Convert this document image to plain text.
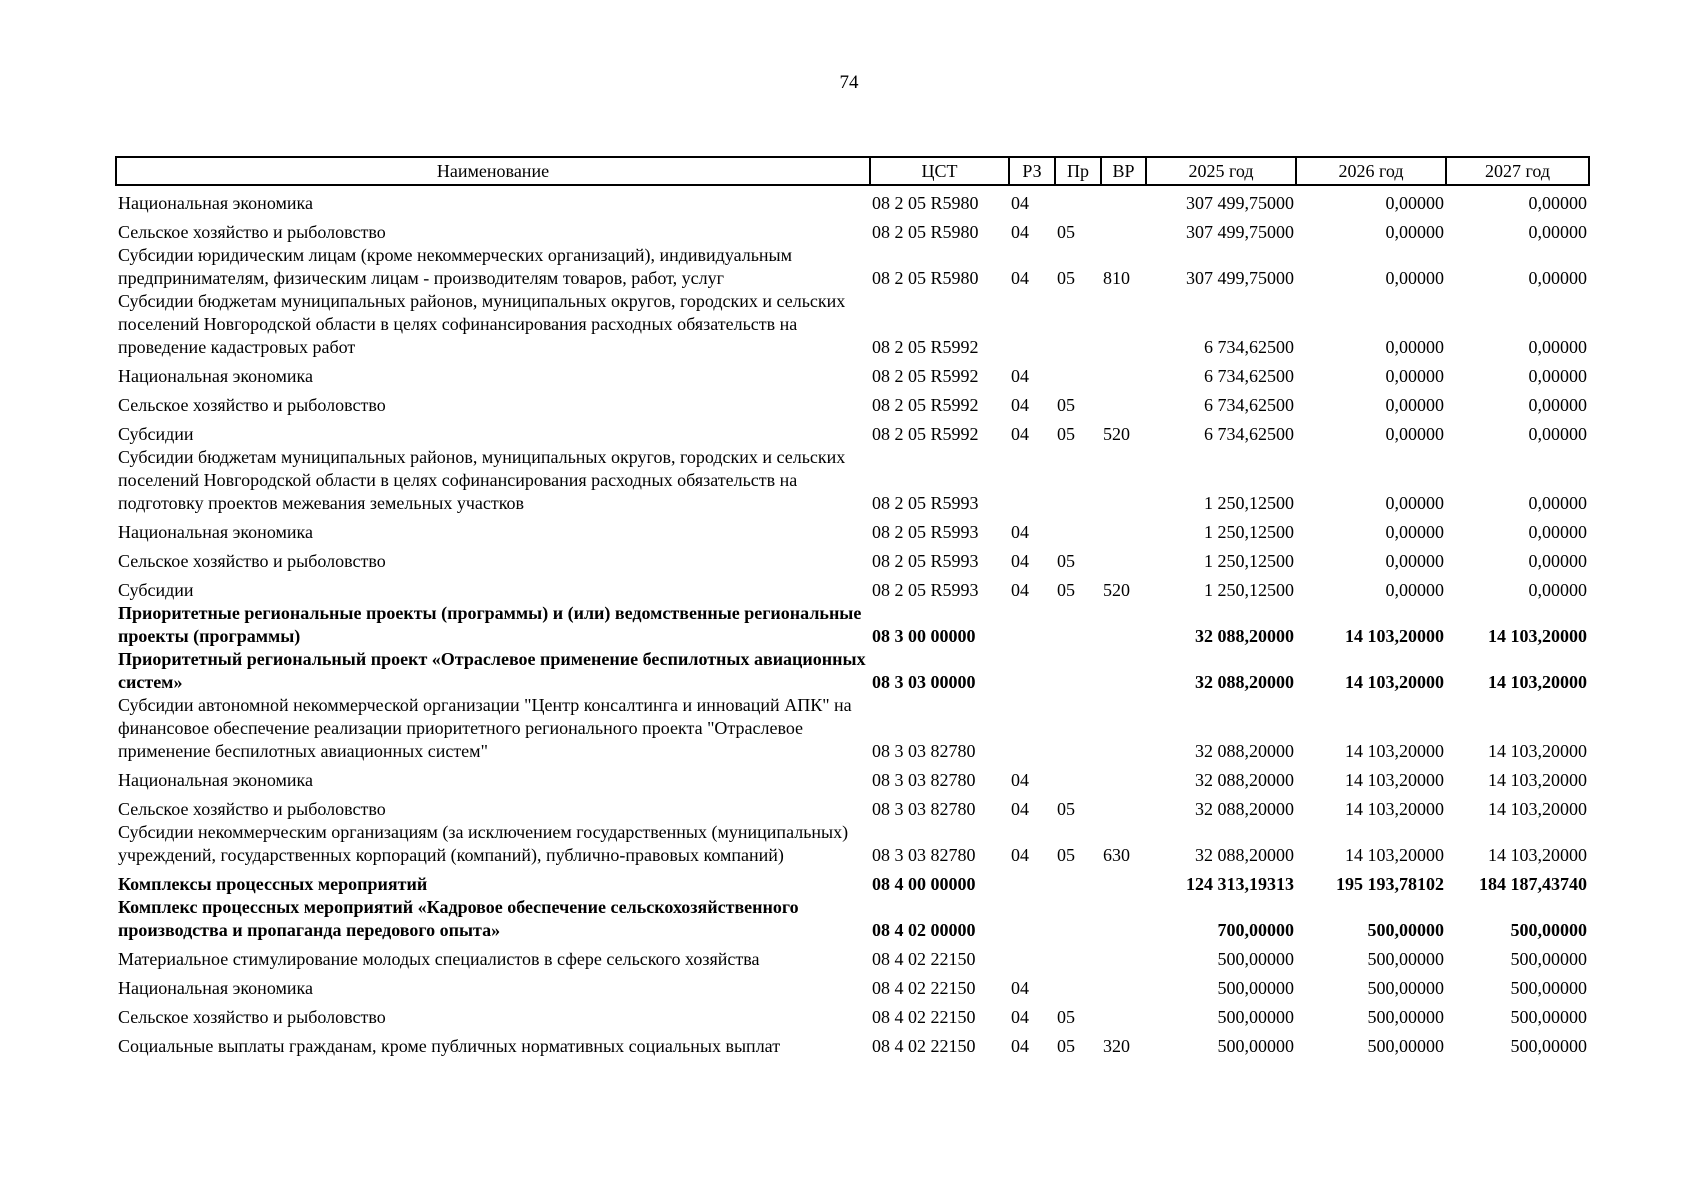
74
Наименование	ЦСТ	РЗ	Пр	ВР	2025 год	2026 год	2027 год
Национальная экономика	08 2 05 R5980	04			307 499,75000	0,00000	0,00000
Сельское хозяйство и рыболовство	08 2 05 R5980	04	05		307 499,75000	0,00000	0,00000
Субсидии юридическим лицам (кроме некоммерческих организаций), индивидуальным предпринимателям, физическим лицам - производителям товаров, работ, услуг	08 2 05 R5980	04	05	810	307 499,75000	0,00000	0,00000
Субсидии бюджетам муниципальных районов, муниципальных округов, городских и сельских поселений Новгородской области в целях софинансирования расходных обязательств на проведение кадастровых работ	08 2 05 R5992				6 734,62500	0,00000	0,00000
Национальная экономика	08 2 05 R5992	04			6 734,62500	0,00000	0,00000
Сельское хозяйство и рыболовство	08 2 05 R5992	04	05		6 734,62500	0,00000	0,00000
Субсидии	08 2 05 R5992	04	05	520	6 734,62500	0,00000	0,00000
Субсидии бюджетам муниципальных районов, муниципальных округов, городских и сельских поселений Новгородской области в целях софинансирования расходных обязательств на подготовку проектов межевания земельных участков	08 2 05 R5993				1 250,12500	0,00000	0,00000
Национальная экономика	08 2 05 R5993	04			1 250,12500	0,00000	0,00000
Сельское хозяйство и рыболовство	08 2 05 R5993	04	05		1 250,12500	0,00000	0,00000
Субсидии	08 2 05 R5993	04	05	520	1 250,12500	0,00000	0,00000
Приоритетные региональные проекты (программы) и (или) ведомственные региональные проекты (программы)	08 3 00 00000				32 088,20000	14 103,20000	14 103,20000
Приоритетный региональный проект «Отраслевое применение беспилотных авиационных систем»	08 3 03 00000				32 088,20000	14 103,20000	14 103,20000
Субсидии автономной некоммерческой организации "Центр консалтинга и инноваций АПК" на финансовое обеспечение реализации приоритетного регионального проекта "Отраслевое применение беспилотных авиационных систем"	08 3 03 82780				32 088,20000	14 103,20000	14 103,20000
Национальная экономика	08 3 03 82780	04			32 088,20000	14 103,20000	14 103,20000
Сельское хозяйство и рыболовство	08 3 03 82780	04	05		32 088,20000	14 103,20000	14 103,20000
Субсидии некоммерческим организациям (за исключением государственных (муниципальных) учреждений, государственных корпораций (компаний), публично-правовых компаний)	08 3 03 82780	04	05	630	32 088,20000	14 103,20000	14 103,20000
Комплексы процессных мероприятий	08 4 00 00000				124 313,19313	195 193,78102	184 187,43740
Комплекс процессных мероприятий «Кадровое обеспечение сельскохозяйственного производства и пропаганда передового опыта»	08 4 02 00000				700,00000	500,00000	500,00000
Материальное стимулирование молодых специалистов в сфере сельского хозяйства	08 4 02 22150				500,00000	500,00000	500,00000
Национальная экономика	08 4 02 22150	04			500,00000	500,00000	500,00000
Сельское хозяйство и рыболовство	08 4 02 22150	04	05		500,00000	500,00000	500,00000
Социальные выплаты гражданам, кроме публичных нормативных социальных выплат	08 4 02 22150	04	05	320	500,00000	500,00000	500,00000
